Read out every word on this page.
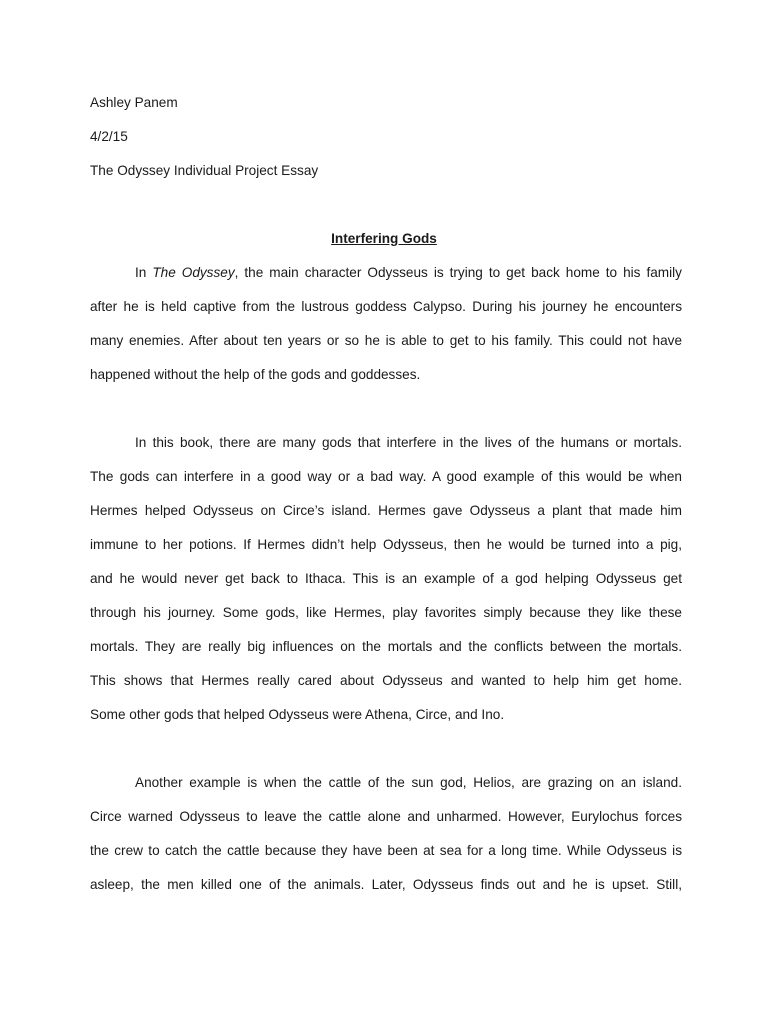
Ashley Panem
4/2/15
The Odyssey Individual Project Essay
Interfering Gods
In The Odyssey, the main character Odysseus is trying to get back home to his family
after he is held captive from the lustrous goddess Calypso. During his journey he encounters
many enemies. After about ten years or so he is able to get to his family. This could not have
happened without the help of the gods and goddesses.
In this book, there are many gods that interfere in the lives of the humans or mortals.
The gods can interfere in a good way or a bad way. A good example of this would be when
Hermes helped Odysseus on Circe’s island. Hermes gave Odysseus a plant that made him
immune to her potions. If Hermes didn’t help Odysseus, then he would be turned into a pig,
and he would never get back to Ithaca. This is an example of a god helping Odysseus get
through his journey. Some gods, like Hermes, play favorites simply because they like these
mortals. They are really big influences on the mortals and the conflicts between the mortals.
This shows that Hermes really cared about Odysseus and wanted to help him get home.
Some other gods that helped Odysseus were Athena, Circe, and Ino.
Another example is when the cattle of the sun god, Helios, are grazing on an island.
Circe warned Odysseus to leave the cattle alone and unharmed. However, Eurylochus forces
the crew to catch the cattle because they have been at sea for a long time. While Odysseus is
asleep, the men killed one of the animals. Later, Odysseus finds out and he is upset. Still,
